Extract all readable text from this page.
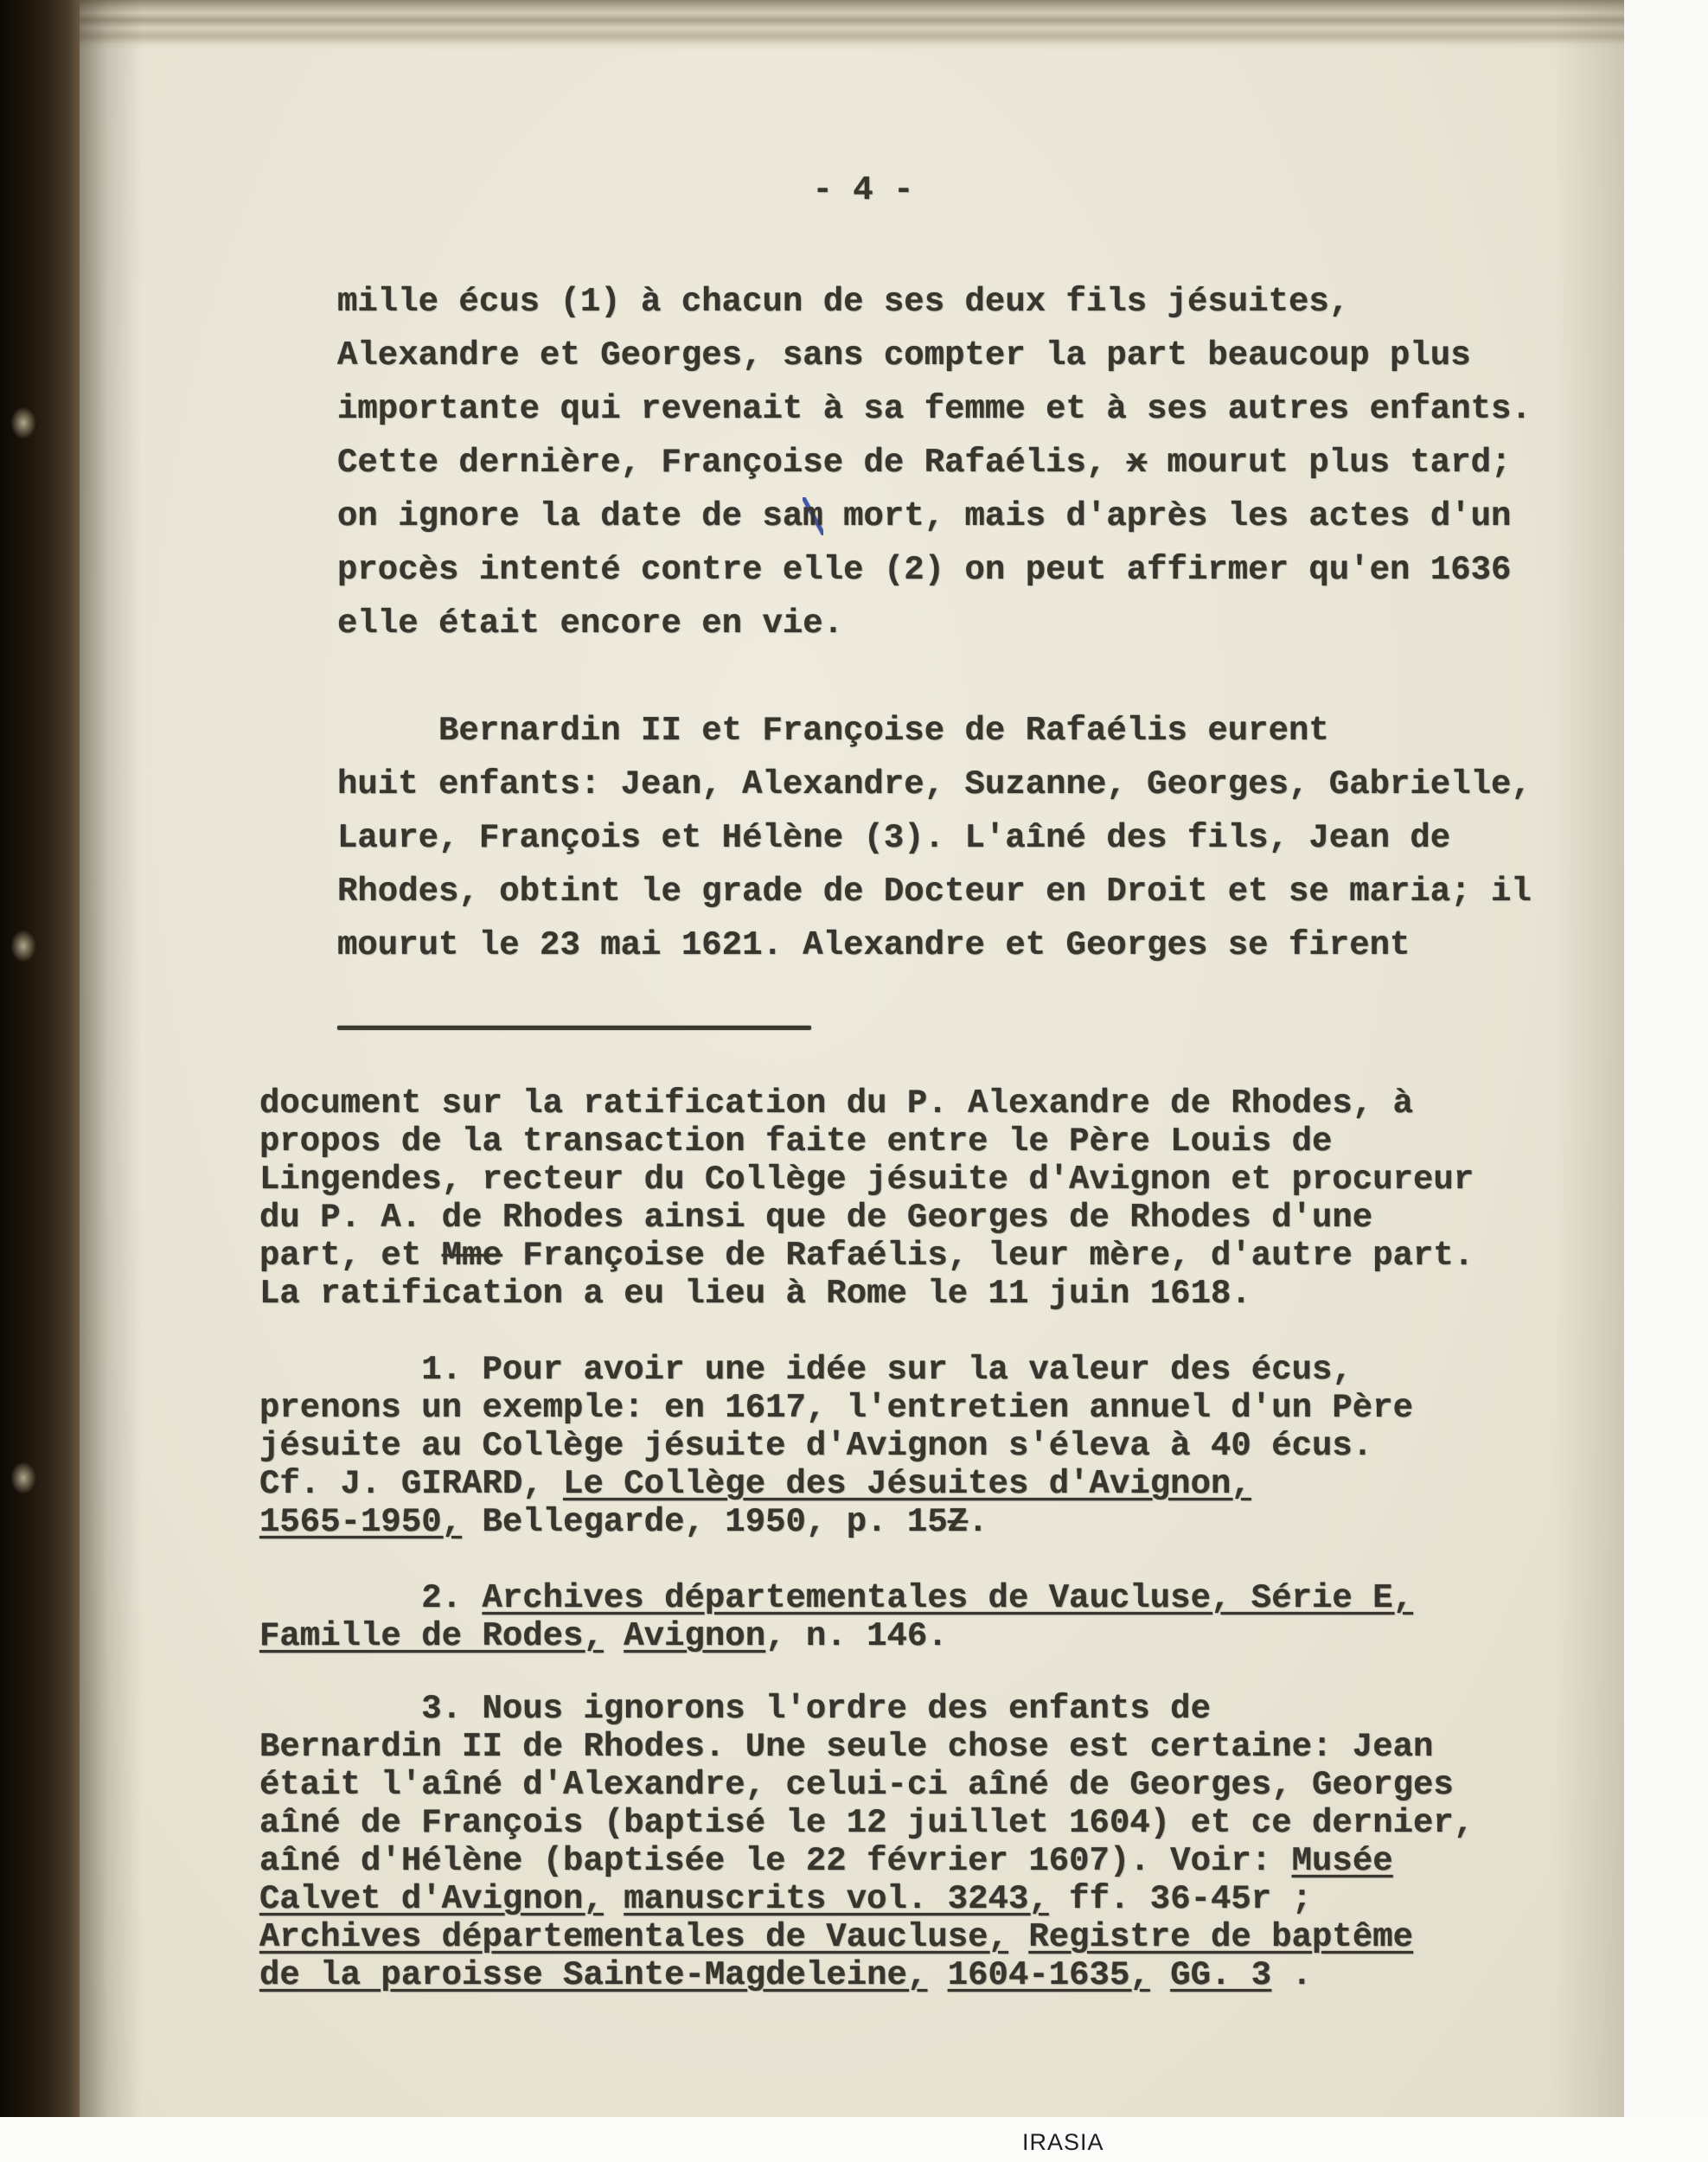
- 4 -
mille écus (1) à chacun de ses deux fils jésuites,
Alexandre et Georges, sans compter la part beaucoup plus
importante qui revenait à sa femme et à ses autres enfants.
Cette dernière, Françoise de Rafaélis, x mourut plus tard;
on ignore la date de sam mort, mais d'après les actes d'un
procès intenté contre elle (2) on peut affirmer qu'en 1636
elle était encore en vie.
Bernardin II et Françoise de Rafaélis eurent
huit enfants: Jean, Alexandre, Suzanne, Georges, Gabrielle,
Laure, François et Hélène (3). L'aîné des fils, Jean de
Rhodes, obtint le grade de Docteur en Droit et se maria; il
mourut le 23 mai 1621. Alexandre et Georges se firent
document sur la ratification du P. Alexandre de Rhodes, à
propos de la transaction faite entre le Père Louis de
Lingendes, recteur du Collège jésuite d'Avignon et procureur
du P. A. de Rhodes ainsi que de Georges de Rhodes d'une
part, et Mme Françoise de Rafaélis, leur mère, d'autre part.
La ratification a eu lieu à Rome le 11 juin 1618.
1. Pour avoir une idée sur la valeur des écus,
prenons un exemple: en 1617, l'entretien annuel d'un Père
jésuite au Collège jésuite d'Avignon s'éleva à 40 écus.
Cf. J. GIRARD, Le Collège des Jésuites d'Avignon,
1565-1950, Bellegarde, 1950, p. 15Z.
2. Archives départementales de Vaucluse, Série E,
Famille de Rodes, Avignon, n. 146.
3. Nous ignorons l'ordre des enfants de
Bernardin II de Rhodes. Une seule chose est certaine: Jean
était l'aîné d'Alexandre, celui-ci aîné de Georges, Georges
aîné de François (baptisé le 12 juillet 1604) et ce dernier,
aîné d'Hélène (baptisée le 22 février 1607). Voir: Musée
Calvet d'Avignon, manuscrits vol. 3243, ff. 36-45r ;
Archives départementales de Vaucluse, Registre de baptême
de la paroisse Sainte-Magdeleine, 1604-1635, GG. 3 .
IRASIA
